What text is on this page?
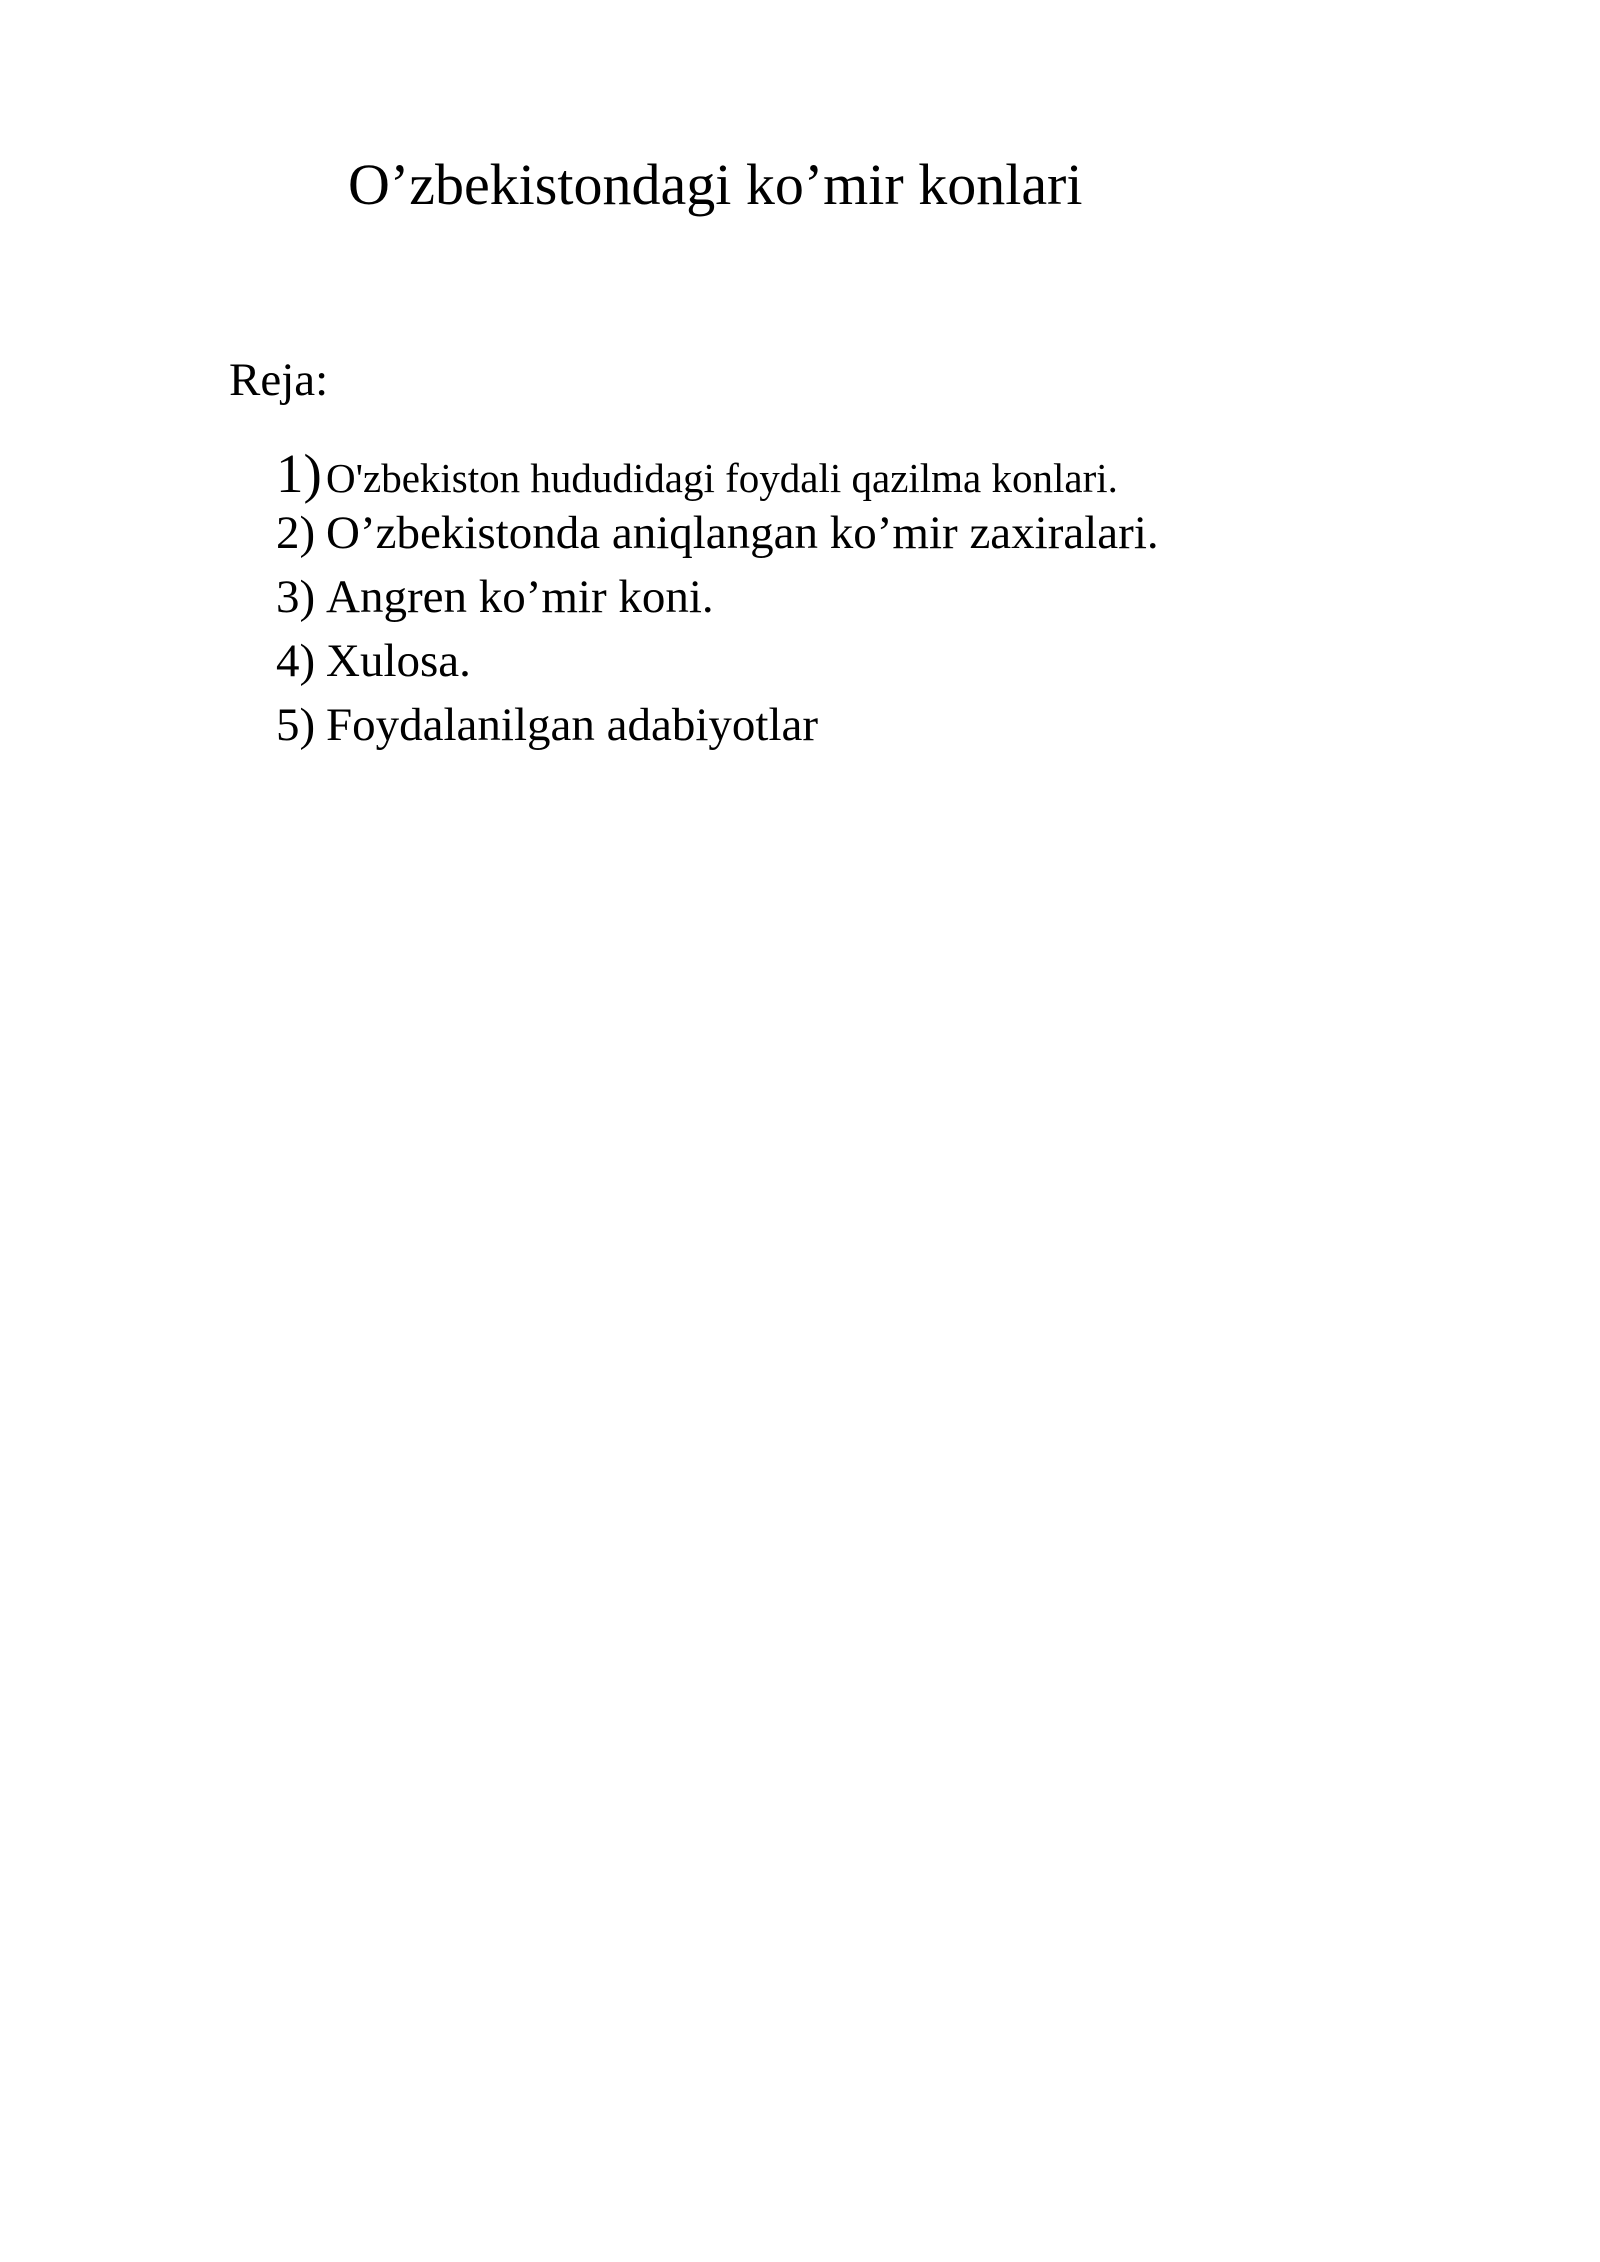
O’zbekistondagi ko’mir konlari
Reja:
1) O'zbekiston hududidagi foydali qazilma konlari.
2) O’zbekistonda aniqlangan ko’mir zaxiralari.
3) Angren ko’mir koni.
4) Xulosa.
5) Foydalanilgan adabiyotlar
